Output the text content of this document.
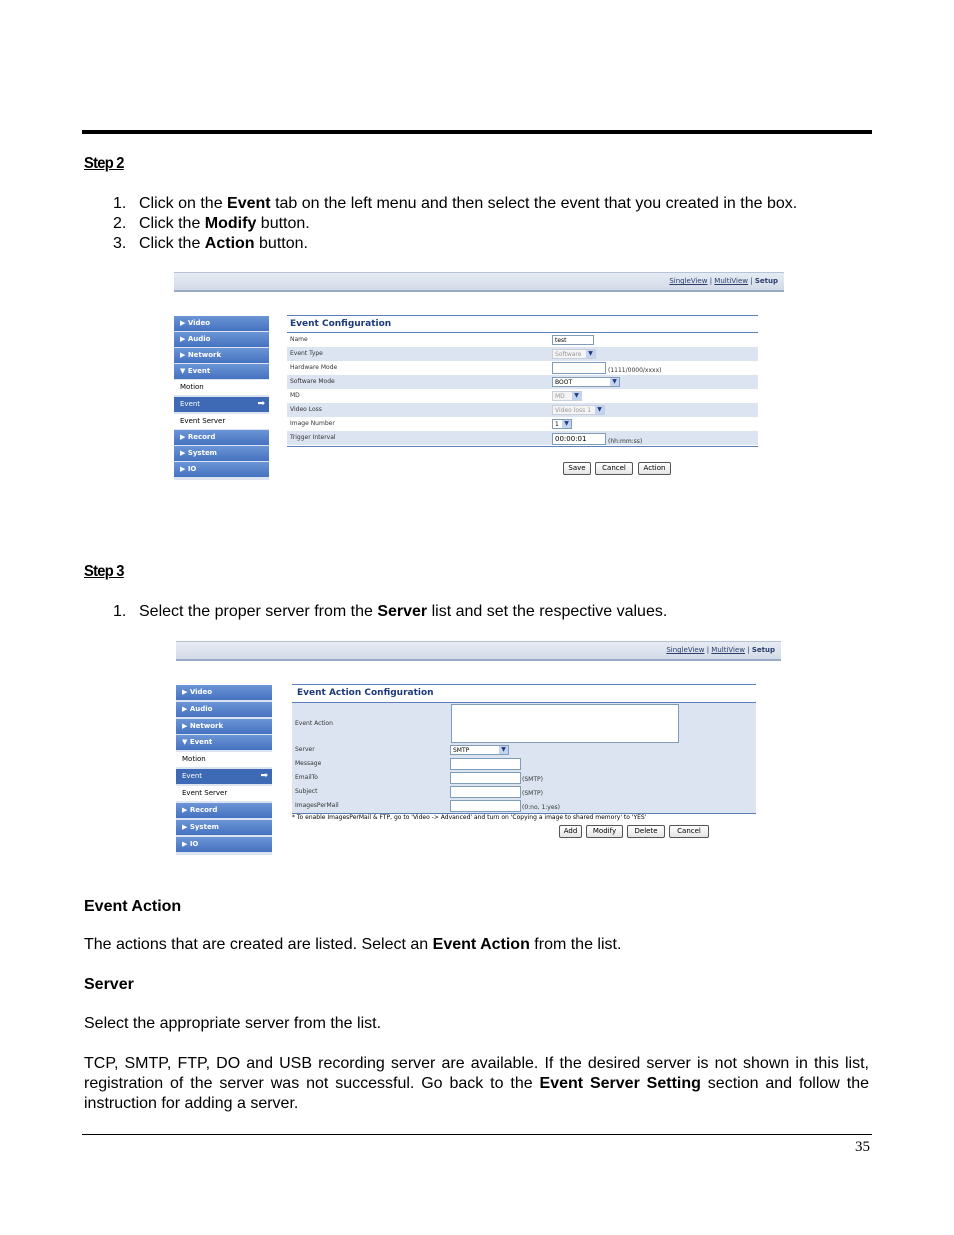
Step 2
1. Click on the Event tab on the left menu and then select the event that you created in the box.
2. Click the Modify button.
3. Click the Action button.
SingleView | MultiView | Setup
▶ Video
▶ Audio
▶ Network
▼ Event
Motion
Event	➡
Event Server
▶ Record
▶ System
▶ IO
Event Configuration
Name	test
Event Type	Software	▼
Hardware Mode	(1111/0000/xxxx)
Software Mode	BOOT	▼
MD	MD	▼
Video Loss	Video loss 1	▼
Image Number	1 ▼
Trigger Interval	00:00:01	(hh:mm:ss)
Save	Cancel	Action
Step 3
1. Select the proper server from the Server list and set the respective values.
SingleView | MultiView | Setup
▶ Video
▶ Audio
▶ Network
▼ Event
Motion
Event	➡
Event Server
▶ Record
▶ System
▶ IO
Event Action Configuration
Event Action
Server	SMTP	▼
Message
EmailTo	(SMTP)
Subject	(SMTP)
ImagesPerMail	(0:no, 1:yes)
* To enable ImagesPerMail & FTP, go to 'Video -> Advanced' and turn on 'Copying a image to shared memory' to 'YES'
Add	Modify	Delete	Cancel
Event Action
The actions that are created are listed. Select an Event Action from the list.
Server
Select the appropriate server from the list.
TCP, SMTP, FTP, DO and USB recording server are available. If the desired server is not shown in this list, registration of the server was not successful. Go back to the Event Server Setting section and follow the instruction for adding a server.
35
